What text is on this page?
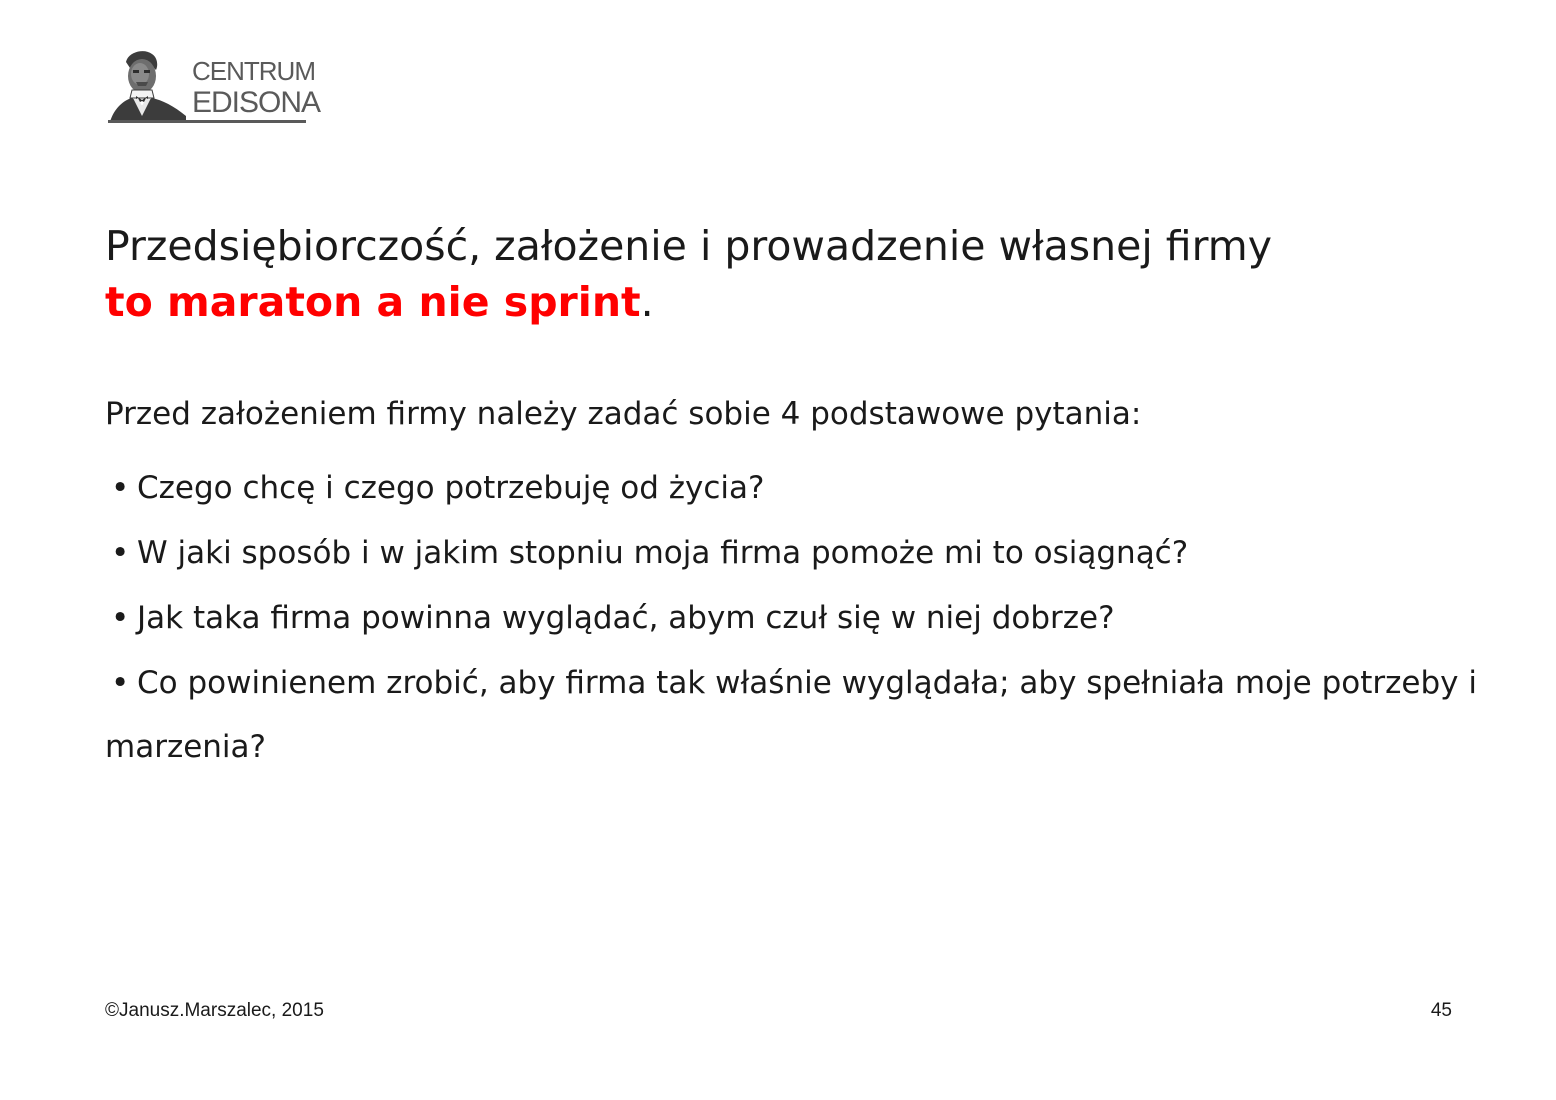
CENTRUM
EDISONA
Przedsiębiorczość, założenie i prowadzenie własnej firmy
to maraton a nie sprint.
Przed założeniem firmy należy zadać sobie 4 podstawowe pytania:
• Czego chcę i czego potrzebuję od życia?
• W jaki sposób i w jakim stopniu moja firma pomoże mi to osiągnąć?
• Jak taka firma powinna wyglądać, abym czuł się w niej dobrze?
• Co powinienem zrobić, aby firma tak właśnie wyglądała; aby spełniała moje potrzeby i marzenia?
©Janusz.Marszalec, 2015	45
